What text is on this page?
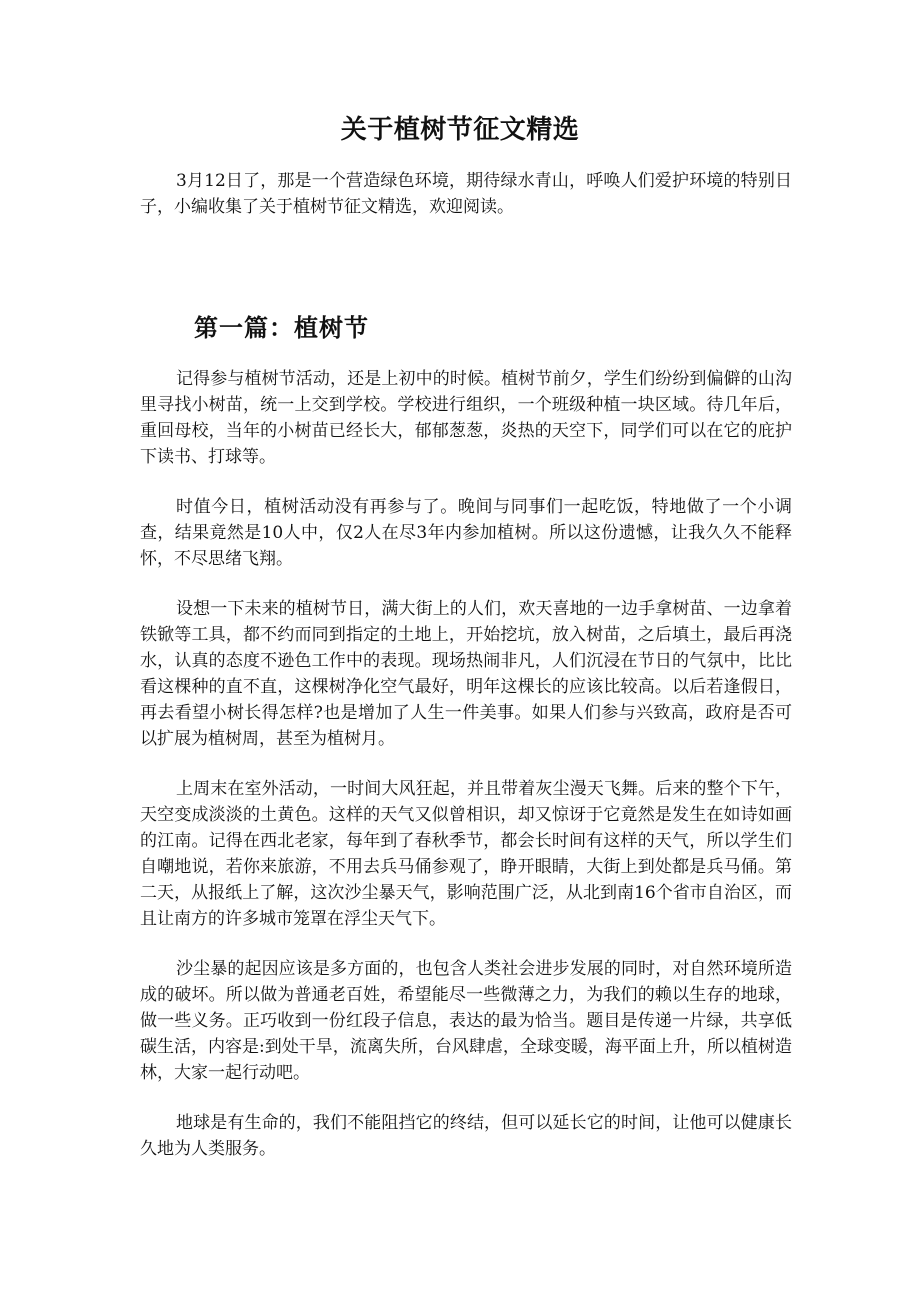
关于植树节征文精选

3月12日了，那是一个营造绿色环境，期待绿水青山，呼唤人们爱护环境的特别日子，小编收集了关于植树节征文精选，欢迎阅读。

第一篇：植树节

记得参与植树节活动，还是上初中的时候。植树节前夕，学生们纷纷到偏僻的山沟里寻找小树苗，统一上交到学校。学校进行组织，一个班级种植一块区域。待几年后，重回母校，当年的小树苗已经长大，郁郁葱葱，炎热的天空下，同学们可以在它的庇护下读书、打球等。

时值今日，植树活动没有再参与了。晚间与同事们一起吃饭，特地做了一个小调查，结果竟然是10人中，仅2人在尽3年内参加植树。所以这份遗憾，让我久久不能释怀，不尽思绪飞翔。

设想一下未来的植树节日，满大街上的人们，欢天喜地的一边手拿树苗、一边拿着铁锨等工具，都不约而同到指定的土地上，开始挖坑，放入树苗，之后填土，最后再浇水，认真的态度不逊色工作中的表现。现场热闹非凡，人们沉浸在节日的气氛中，比比看这棵种的直不直，这棵树净化空气最好，明年这棵长的应该比较高。以后若逢假日，再去看望小树长得怎样?也是增加了人生一件美事。如果人们参与兴致高，政府是否可以扩展为植树周，甚至为植树月。

上周末在室外活动，一时间大风狂起，并且带着灰尘漫天飞舞。后来的整个下午，天空变成淡淡的土黄色。这样的天气又似曾相识，却又惊讶于它竟然是发生在如诗如画的江南。记得在西北老家，每年到了春秋季节，都会长时间有这样的天气，所以学生们自嘲地说，若你来旅游，不用去兵马俑参观了，睁开眼睛，大街上到处都是兵马俑。第二天，从报纸上了解，这次沙尘暴天气，影响范围广泛，从北到南16个省市自治区，而且让南方的许多城市笼罩在浮尘天气下。

沙尘暴的起因应该是多方面的，也包含人类社会进步发展的同时，对自然环境所造成的破坏。所以做为普通老百姓，希望能尽一些微薄之力，为我们的赖以生存的地球，做一些义务。正巧收到一份红段子信息，表达的最为恰当。题目是传递一片绿，共享低碳生活，内容是:到处干旱，流离失所，台风肆虐，全球变暖，海平面上升，所以植树造林，大家一起行动吧。

地球是有生命的，我们不能阻挡它的终结，但可以延长它的时间，让他可以健康长久地为人类服务。
